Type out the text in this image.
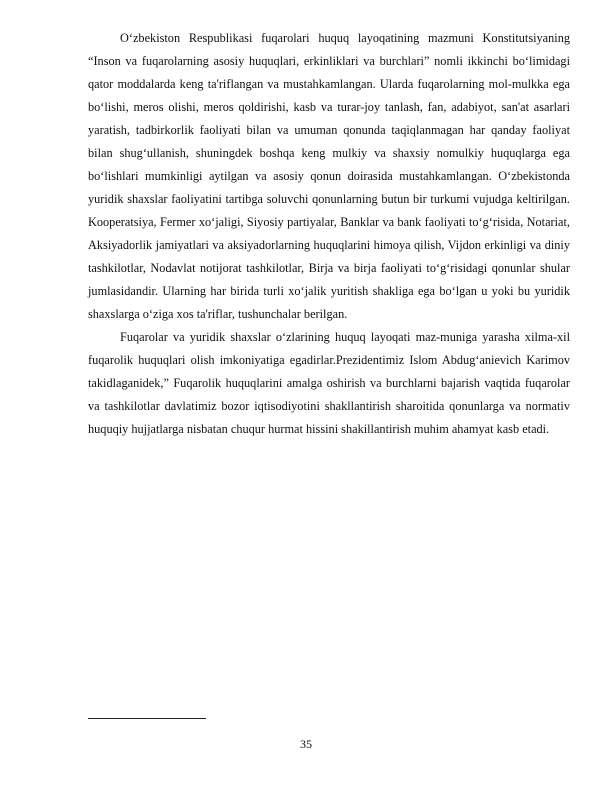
O‘zbekiston Respublikasi fuqarolari huquq layoqatining mazmuni Konstitutsiyaning “Inson va fuqarolarning asosiy huquqlari, erkinliklari va burchlari” nomli ikkinchi bo‘limidagi qator moddalarda keng ta'riflangan va mustahkamlangan. Ularda fuqarolarning mol-mulkka ega bo‘lishi, meros olishi, meros qoldirishi, kasb va turar-joy tanlash, fan, adabiyot, san'at asarlari yaratish, tadbirkorlik faoliyati bilan va umuman qonunda taqiqlanmagan har qanday faoliyat bilan shug‘ullanish, shuningdek boshqa keng mulkiy va shaxsiy nomulkiy huquqlarga ega bo‘lishlari mumkinligi aytilgan va asosiy qonun doirasida mustahkamlangan. O‘zbekistonda yuridik shaxslar faoliyatini tartibga soluvchi qonunlarning butun bir turkumi vujudga keltirilgan. Kooperatsiya, Fermer xo‘jaligi, Siyosiy partiyalar, Banklar va bank faoliyati to‘g‘risida, Notariat, Aksiyadorlik jamiyatlari va aksiyadorlarning huquqlarini himoya qilish, Vijdon erkinligi va diniy tashkilotlar, Nodavlat notijorat tashkilotlar, Birja va birja faoliyati to‘g‘risidagi qonunlar shular jumlasidandir. Ularning har birida turli xo‘jalik yuritish shakliga ega bo‘lgan u yoki bu yuridik shaxslarga o‘ziga xos ta'riflar, tushunchalar berilgan.

Fuqarolar va yuridik shaxslar o‘zlarining huquq layoqati maz-muniga yarasha xilma-xil fuqarolik huquqlari olish imkoniyatiga egadirlar.Prezidentimiz Islom Abdug‘anievich Karimov takidlaganidek,” Fuqarolik huquqlarini amalga oshirish va burchlarni bajarish vaqtida fuqarolar va tashkilotlar davlatimiz bozor iqtisodiyotini shakllantirish sharoitida qonunlarga va normativ huquqiy hujjatlarga nisbatan chuqur hurmat hissini shakillantirish muhim ahamyat kasb etadi.

35
